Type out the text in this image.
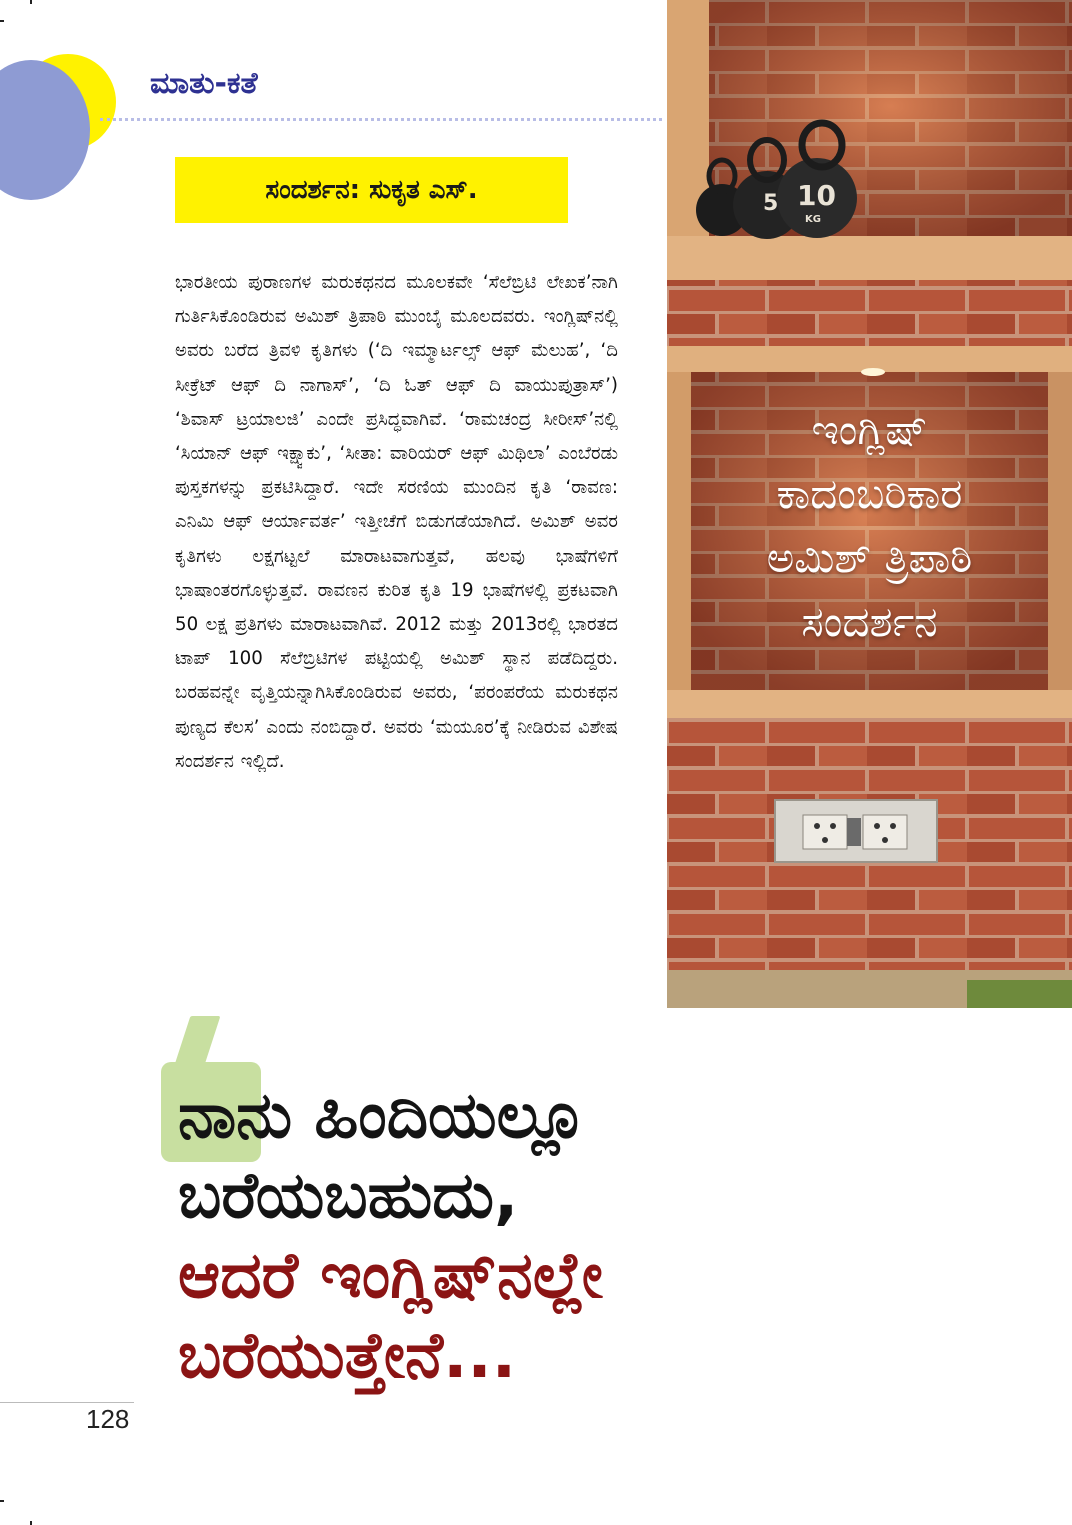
ಮಾತು-ಕತೆ
ಸಂದರ್ಶನ: ಸುಕೃತ ಎಸ್.
ಭಾರತೀಯ ಪುರಾಣಗಳ ಮರುಕಥನದ ಮೂಲಕವೇ ‘ಸೆಲೆಬ್ರಿಟಿ ಲೇಖಕ’ನಾಗಿ ಗುರ್ತಿಸಿಕೊಂಡಿರುವ ಅಮಿಶ್ ತ್ರಿಪಾಠಿ ಮುಂಬೈ ಮೂಲದವರು. ಇಂಗ್ಲಿಷ್‌ನಲ್ಲಿ ಅವರು ಬರೆದ ತ್ರಿವಳಿ ಕೃತಿಗಳು (‘ದಿ ಇಮ್ಮಾರ್ಟಲ್ಸ್ ಆಫ್ ಮೆಲುಹ’, ‘ದಿ ಸೀಕ್ರೆಟ್ ಆಫ್ ದಿ ನಾಗಾಸ್’, ‘ದಿ ಓತ್ ಆಫ್ ದಿ ವಾಯುಪುತ್ರಾಸ್’) ‘ಶಿವಾಸ್ ಟ್ರಯಾಲಜಿ’ ಎಂದೇ ಪ್ರಸಿದ್ಧವಾಗಿವೆ. ‘ರಾಮಚಂದ್ರ ಸೀರೀಸ್’ನಲ್ಲಿ ‘ಸಿಯಾನ್ ಆಫ್ ಇಕ್ಷ್ವಾಕು’, ‘ಸೀತಾ: ವಾರಿಯರ್ ಆಫ್ ಮಿಥಿಲಾ’ ಎಂಬೆರಡು ಪುಸ್ತಕಗಳನ್ನು ಪ್ರಕಟಿಸಿದ್ದಾರೆ. ಇದೇ ಸರಣಿಯ ಮುಂದಿನ ಕೃತಿ ‘ರಾವಣ: ಎನಿಮಿ ಆಫ್ ಆರ್ಯಾವರ್ತ’ ಇತ್ತೀಚೆಗೆ ಬಿಡುಗಡೆಯಾಗಿದೆ. ಅಮಿಶ್ ಅವರ ಕೃತಿಗಳು ಲಕ್ಷಗಟ್ಟಲೆ ಮಾರಾಟವಾಗುತ್ತವೆ, ಹಲವು ಭಾಷೆಗಳಿಗೆ ಭಾಷಾಂತರಗೊಳ್ಳುತ್ತವೆ. ರಾವಣನ ಕುರಿತ ಕೃತಿ 19 ಭಾಷೆಗಳಲ್ಲಿ ಪ್ರಕಟವಾಗಿ 50 ಲಕ್ಷ ಪ್ರತಿಗಳು ಮಾರಾಟವಾಗಿವೆ. 2012 ಮತ್ತು 2013ರಲ್ಲಿ ಭಾರತದ ಟಾಪ್ 100 ಸೆಲೆಬ್ರಿಟಿಗಳ ಪಟ್ಟಿಯಲ್ಲಿ ಅಮಿಶ್ ಸ್ಥಾನ ಪಡೆದಿದ್ದರು. ಬರಹವನ್ನೇ ವೃತ್ತಿಯನ್ನಾಗಿಸಿಕೊಂಡಿರುವ ಅವರು, ‘ಪರಂಪರೆಯ ಮರುಕಥನ ಪುಣ್ಯದ ಕೆಲಸ’ ಎಂದು ನಂಬಿದ್ದಾರೆ. ಅವರು ‘ಮಯೂರ’ಕ್ಕೆ ನೀಡಿರುವ ವಿಶೇಷ ಸಂದರ್ಶನ ಇಲ್ಲಿದೆ.
5 10
KG
ಇಂಗ್ಲಿಷ್
ಕಾದಂಬರಿಕಾರ
ಅಮಿಶ್ ತ್ರಿಪಾಠಿ
ಸಂದರ್ಶನ
ನಾನು ಹಿಂದಿಯಲ್ಲೂ
ಬರೆಯಬಹುದು,
ಆದರೆ ಇಂಗ್ಲಿಷ್‌ನಲ್ಲೇ
ಬರೆಯುತ್ತೇನೆ...
128
